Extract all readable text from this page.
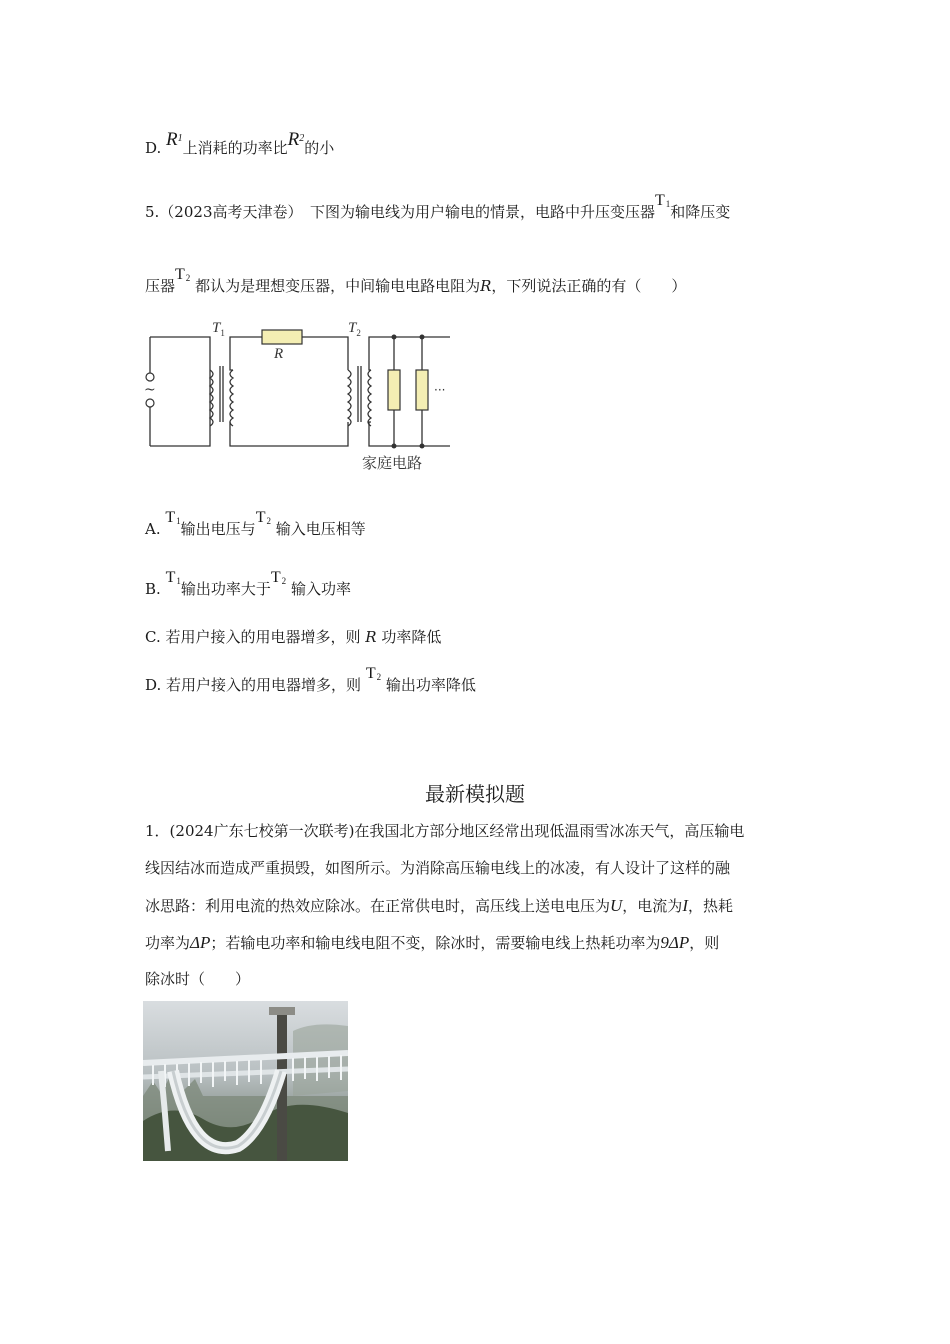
D. $R^1$上消耗的功率比$R^2$的小
5.（2023高考天津卷）　下图为输电线为用户输电的情景，电路中升压变压器T1和降压变
压器T2 都认为是理想变压器，中间输电电路电阻为R，下列说法正确的有（　　）
~
R
···
$T_1$	$T_2$
家庭电路
A. T1输出电压与T2 输入电压相等
B. T1输出功率大于T2 输入功率
C. 若用户接入的用电器增多，则 R 功率降低
D. 若用户接入的用电器增多，则 T2 输出功率降低
最新模拟题
1．(2024广东七校第一次联考)在我国北方部分地区经常出现低温雨雪冰冻天气，高压输电
线因结冰而造成严重损毁，如图所示。为消除高压输电线上的冰凌，有人设计了这样的融
冰思路：利用电流的热效应除冰。在正常供电时，高压线上送电电压为U，电流为I，热耗
功率为ΔP；若输电功率和输电线电阻不变，除冰时，需要输电线上热耗功率为9ΔP，则
除冰时（　　）
